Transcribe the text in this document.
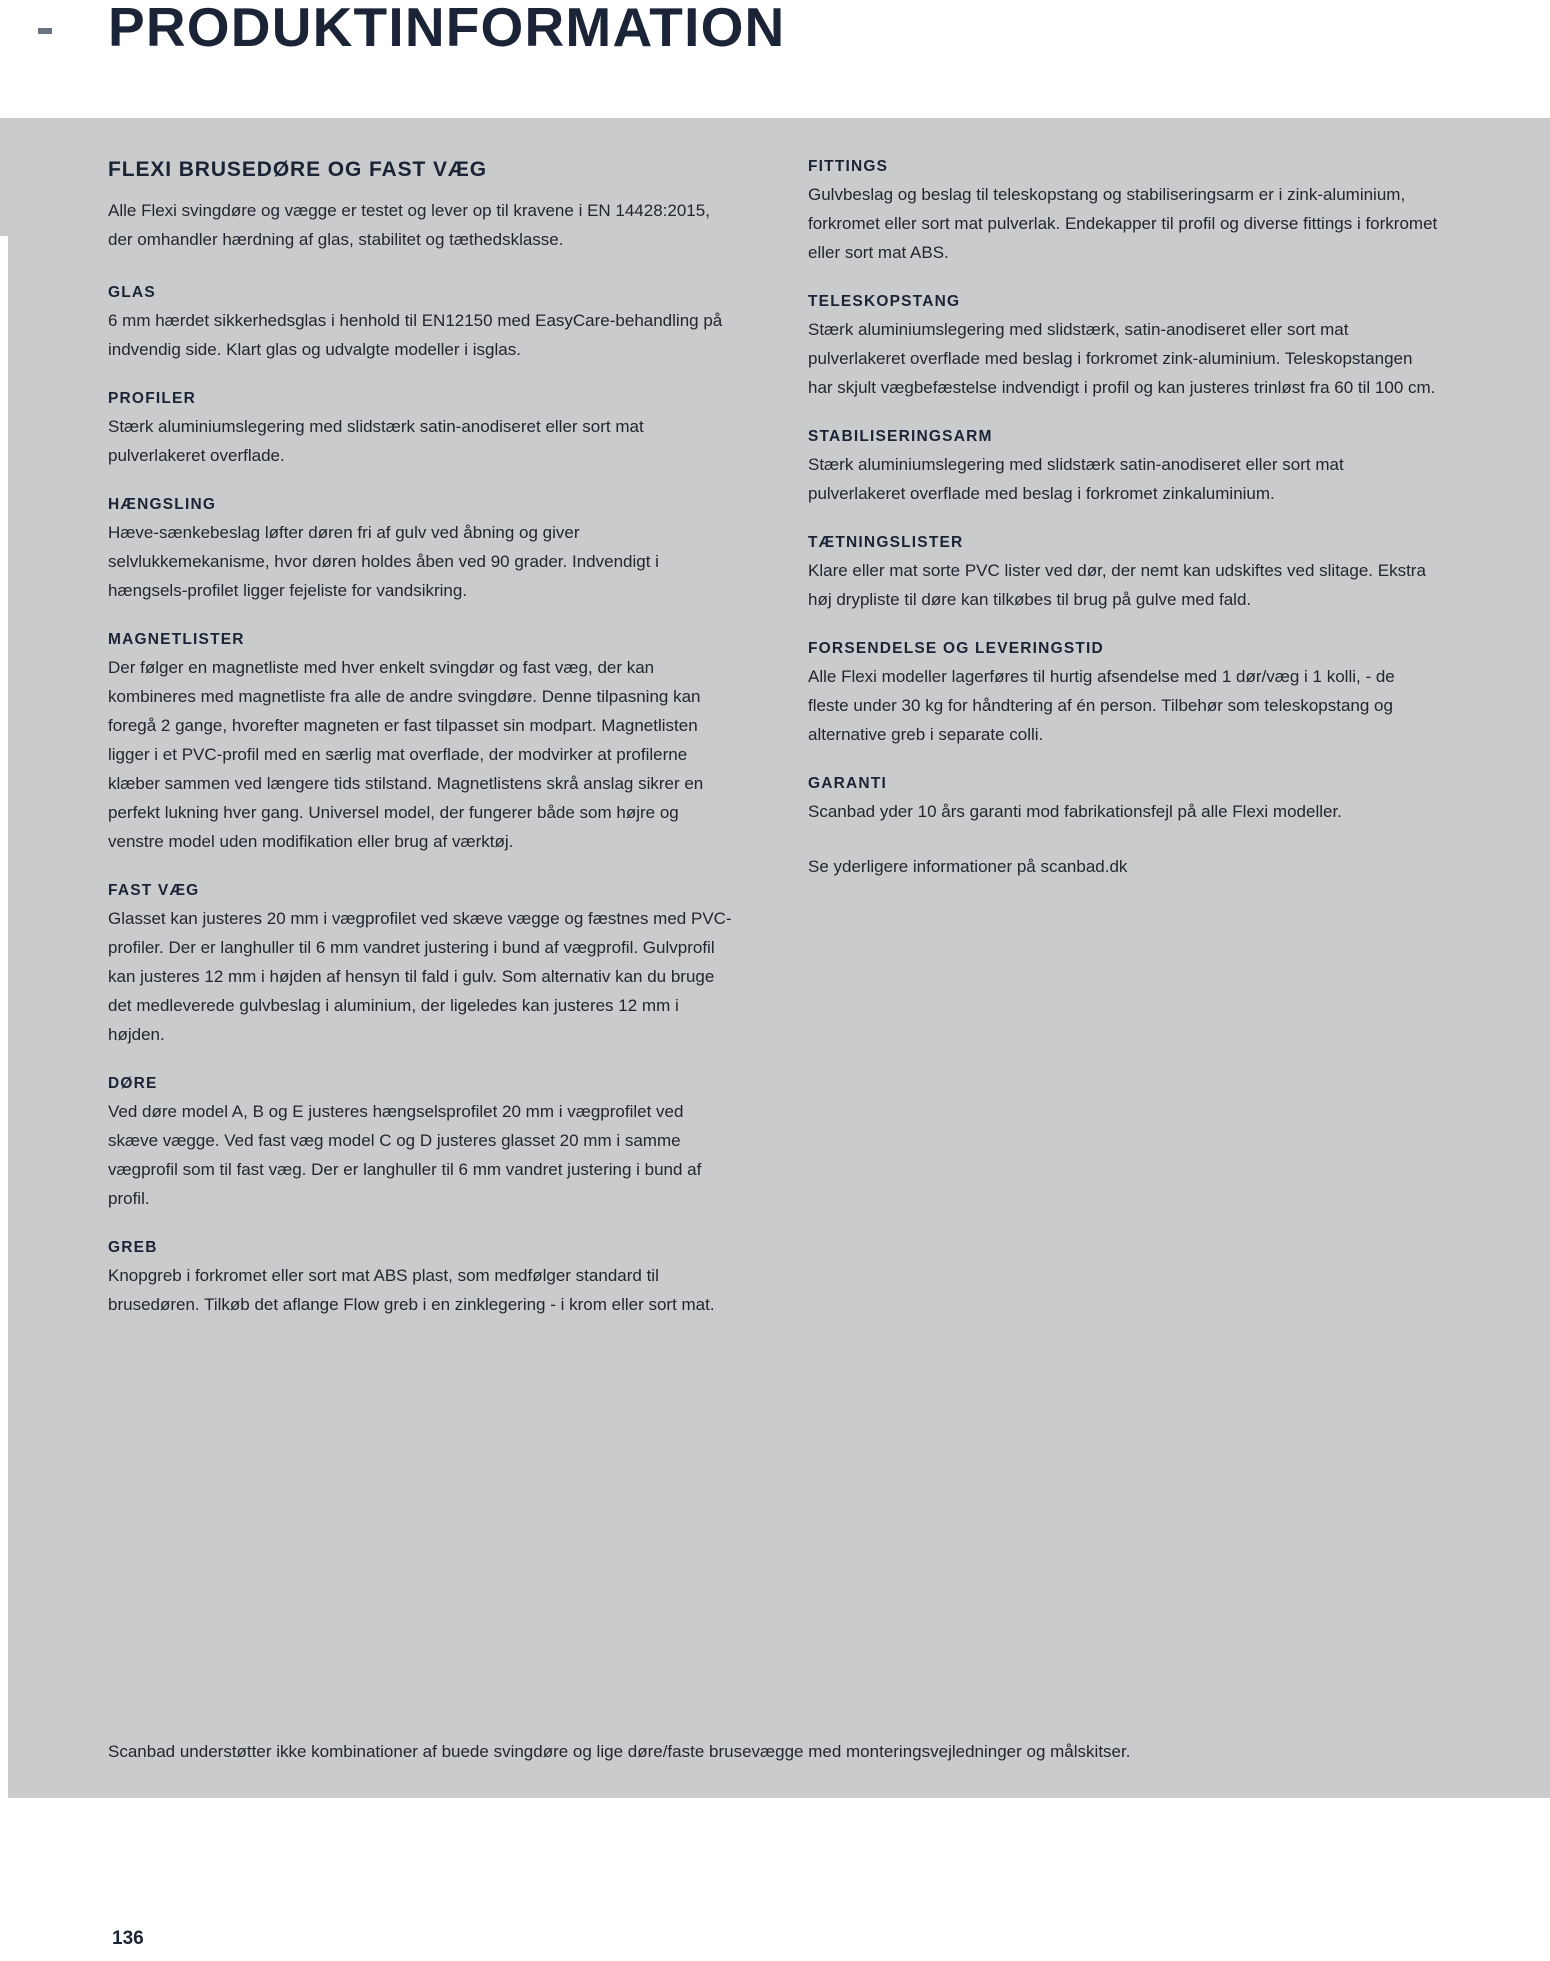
PRODUKTINFORMATION
FLEXI BRUSEDØRE OG FAST VÆG

Alle Flexi svingdøre og vægge er testet og lever op til kravene i EN 14428:2015, der omhandler hærdning af glas, stabilitet og tæthedsklasse.

GLAS

6 mm hærdet sikkerhedsglas i henhold til EN12150 med EasyCare-behandling på indvendig side. Klart glas og udvalgte modeller i isglas.

PROFILER

Stærk aluminiumslegering med slidstærk satin-anodiseret eller sort mat pulverlakeret overflade.

HÆNGSLING

Hæve-sænkebeslag løfter døren fri af gulv ved åbning og giver selvlukkemekanisme, hvor døren holdes åben ved 90 grader. Indvendigt i hængsels-profilet ligger fejeliste for vandsikring.

MAGNETLISTER

Der følger en magnetliste med hver enkelt svingdør og fast væg, der kan kombineres med magnetliste fra alle de andre svingdøre. Denne tilpasning kan foregå 2 gange, hvorefter magneten er fast tilpasset sin modpart. Magnetlisten ligger i et PVC-profil med en særlig mat overflade, der modvirker at profilerne klæber sammen ved længere tids stilstand. Magnetlistens skrå anslag sikrer en perfekt lukning hver gang. Universel model, der fungerer både som højre og venstre model uden modifikation eller brug af værktøj.

FAST VÆG

Glasset kan justeres 20 mm i vægprofilet ved skæve vægge og fæstnes med PVC-profiler. Der er langhuller til 6 mm vandret justering i bund af vægprofil. Gulvprofil kan justeres 12 mm i højden af hensyn til fald i gulv. Som alternativ kan du bruge det medleverede gulvbeslag i aluminium, der ligeledes kan justeres 12 mm i højden.

DØRE

Ved døre model A, B og E justeres hængselsprofilet 20 mm i vægprofilet ved skæve vægge. Ved fast væg model C og D justeres glasset 20 mm i samme vægprofil som til fast væg. Der er langhuller til 6 mm vandret justering i bund af profil.

GREB

Knopgreb i forkromet eller sort mat ABS plast, som medfølger standard til brusedøren. Tilkøb det aflange Flow greb i en zinklegering - i krom eller sort mat.

FITTINGS

Gulvbeslag og beslag til teleskopstang og stabiliseringsarm er i zink-aluminium, forkromet eller sort mat pulverlak. Endekapper til profil og diverse fittings i forkromet eller sort mat ABS.

TELESKOPSTANG

Stærk aluminiumslegering med slidstærk, satin-anodiseret eller sort mat pulverlakeret overflade med beslag i forkromet zink-aluminium. Teleskopstangen har skjult vægbefæstelse indvendigt i profil og kan justeres trinløst fra 60 til 100 cm.

STABILISERINGSARM

Stærk aluminiumslegering med slidstærk satin-anodiseret eller sort mat pulverlakeret overflade med beslag i forkromet zinkaluminium.

TÆTNINGSLISTER

Klare eller mat sorte PVC lister ved dør, der nemt kan udskiftes ved slitage. Ekstra høj drypliste til døre kan tilkøbes til brug på gulve med fald.

FORSENDELSE OG LEVERINGSTID

Alle Flexi modeller lagerføres til hurtig afsendelse med 1 dør/væg i 1 kolli, - de fleste under 30 kg for håndtering af én person. Tilbehør som teleskopstang og alternative greb i separate colli.

GARANTI

Scanbad yder 10 års garanti mod fabrikationsfejl på alle Flexi modeller.

Se yderligere informationer på scanbad.dk

Scanbad understøtter ikke kombinationer af buede svingdøre og lige døre/faste brusevægge med monteringsvejledninger og målskitser.
136
